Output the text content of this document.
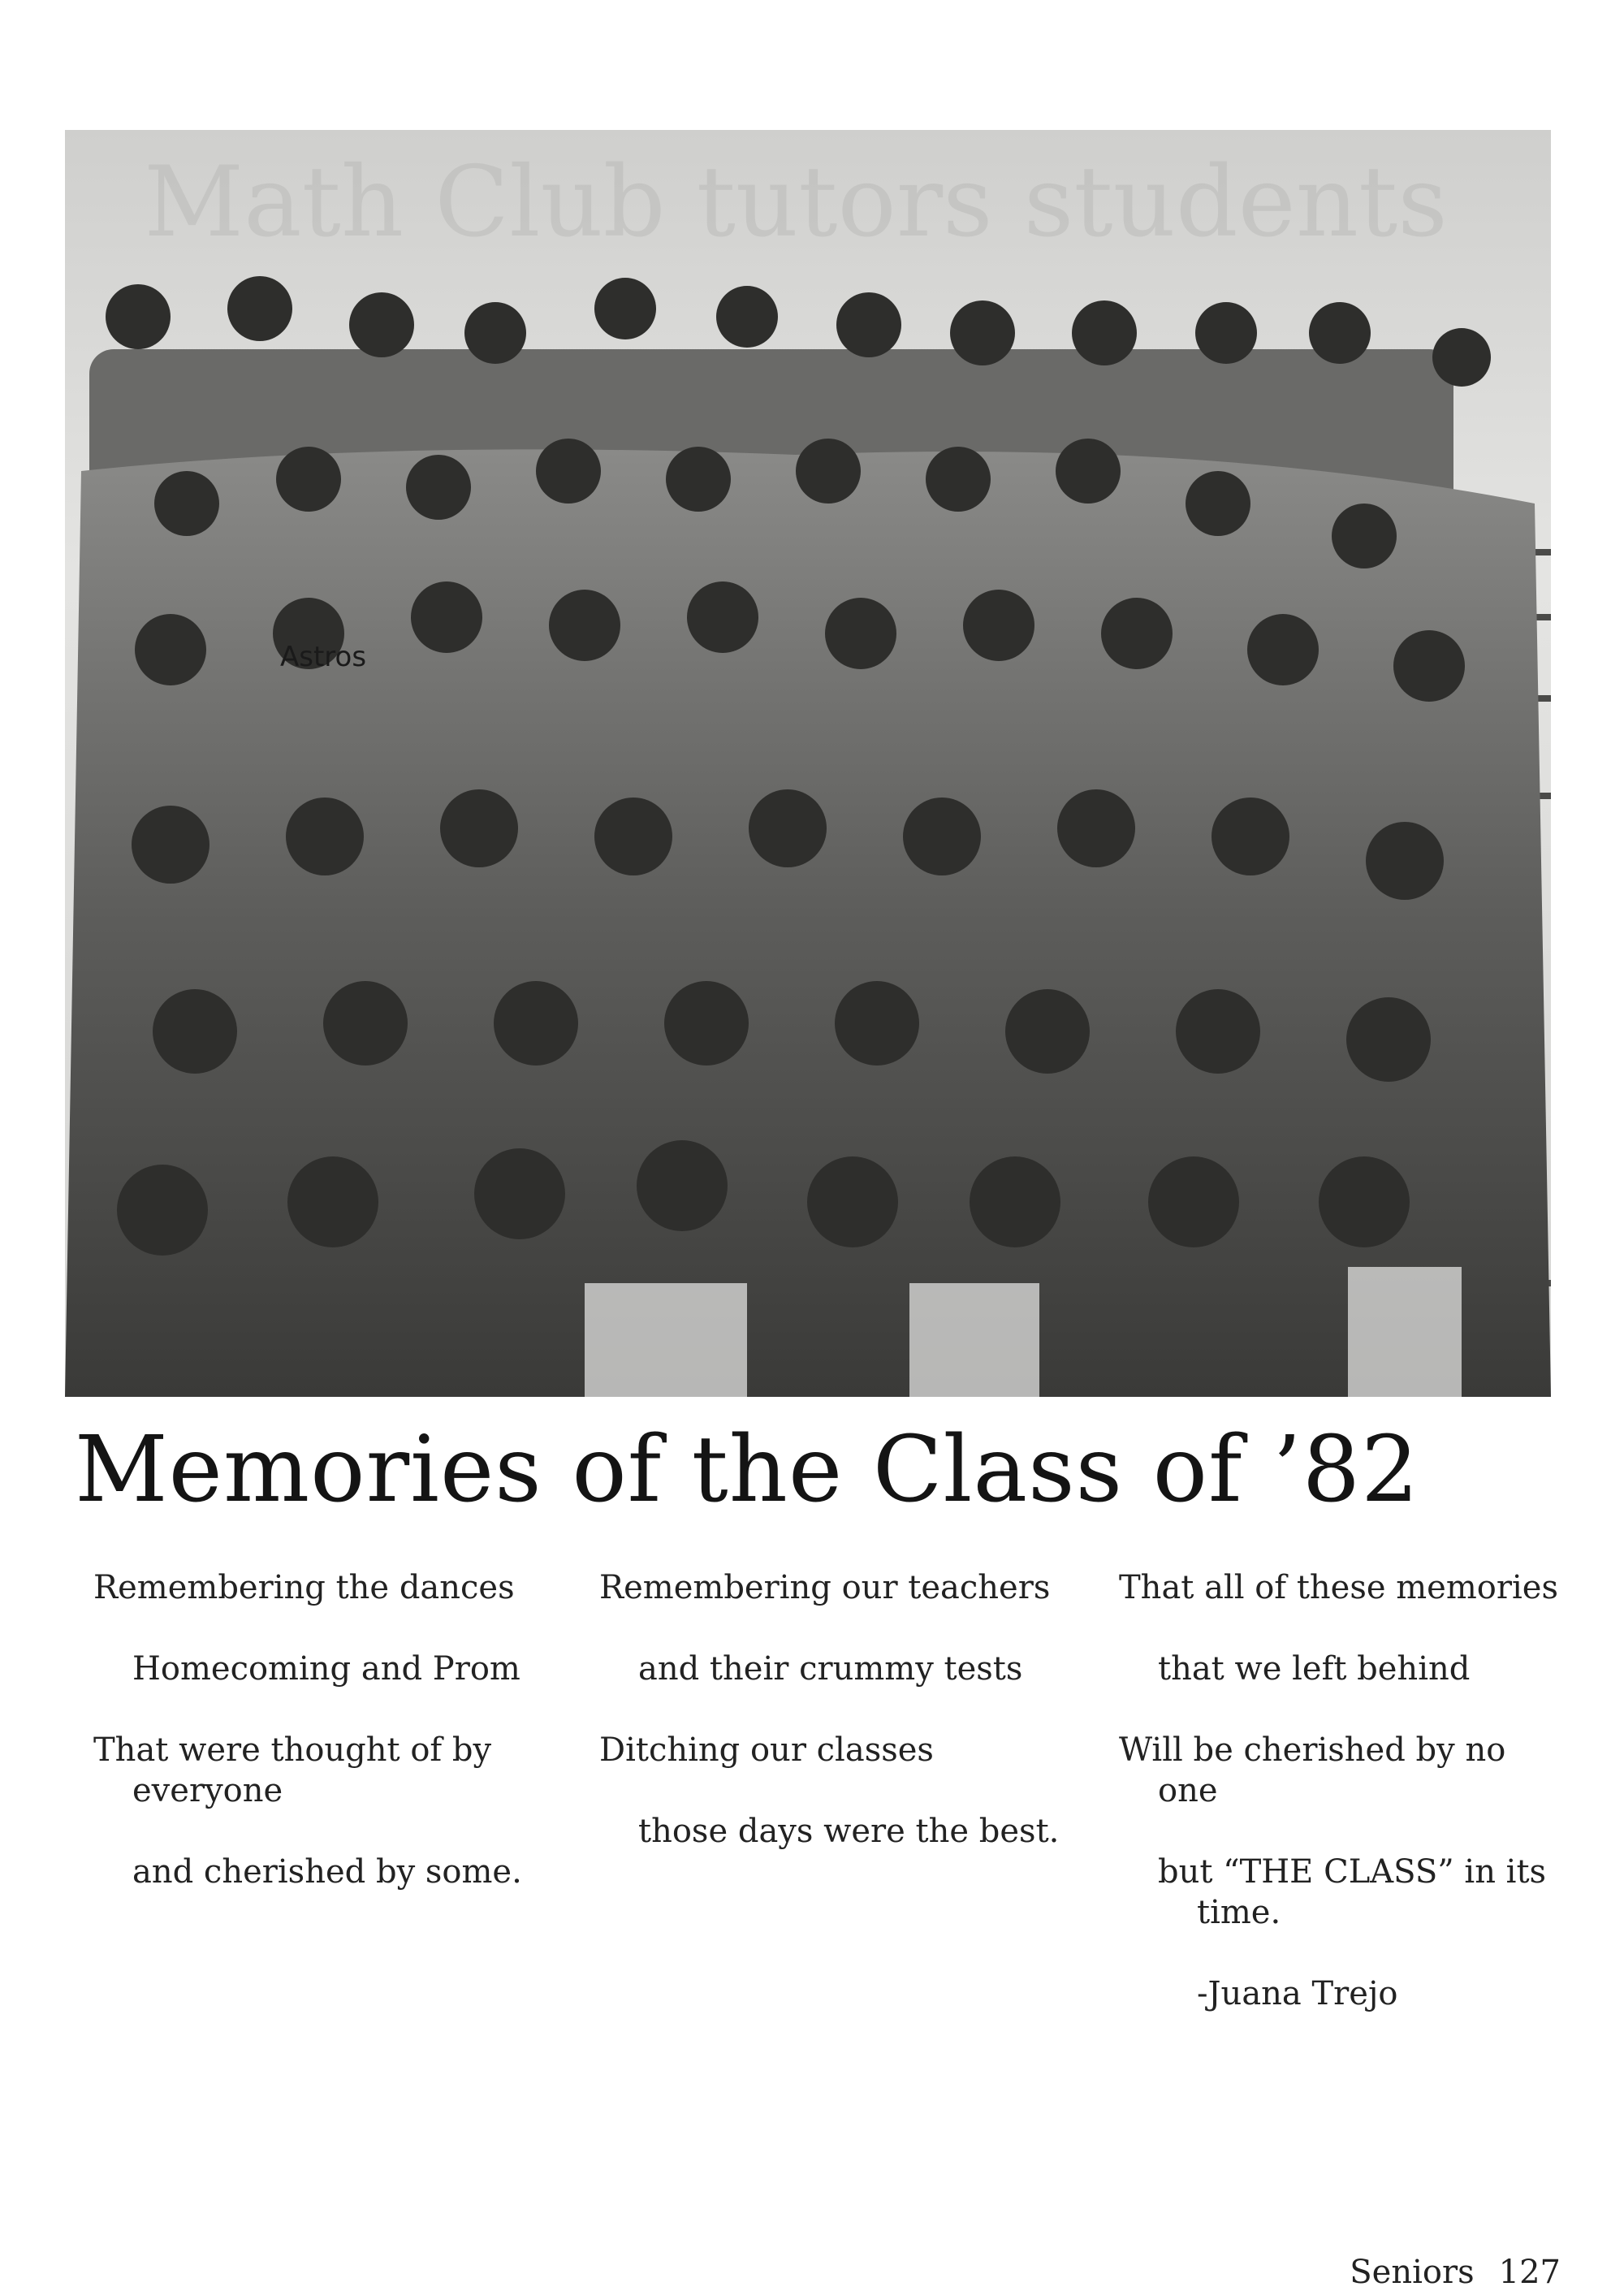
Math Club tutors students
Astros
Memories of the Class of ’82

Remembering the dances

Homecoming and Prom

That were thought of by

everyone

and cherished by some.

Remembering our teachers

and their crummy tests

Ditching our classes

those days were the best.

That all of these memories

that we left behind

Will be cherished by no

one

but “THE CLASS” in its

time.

-Juana Trejo

Seniors 127
